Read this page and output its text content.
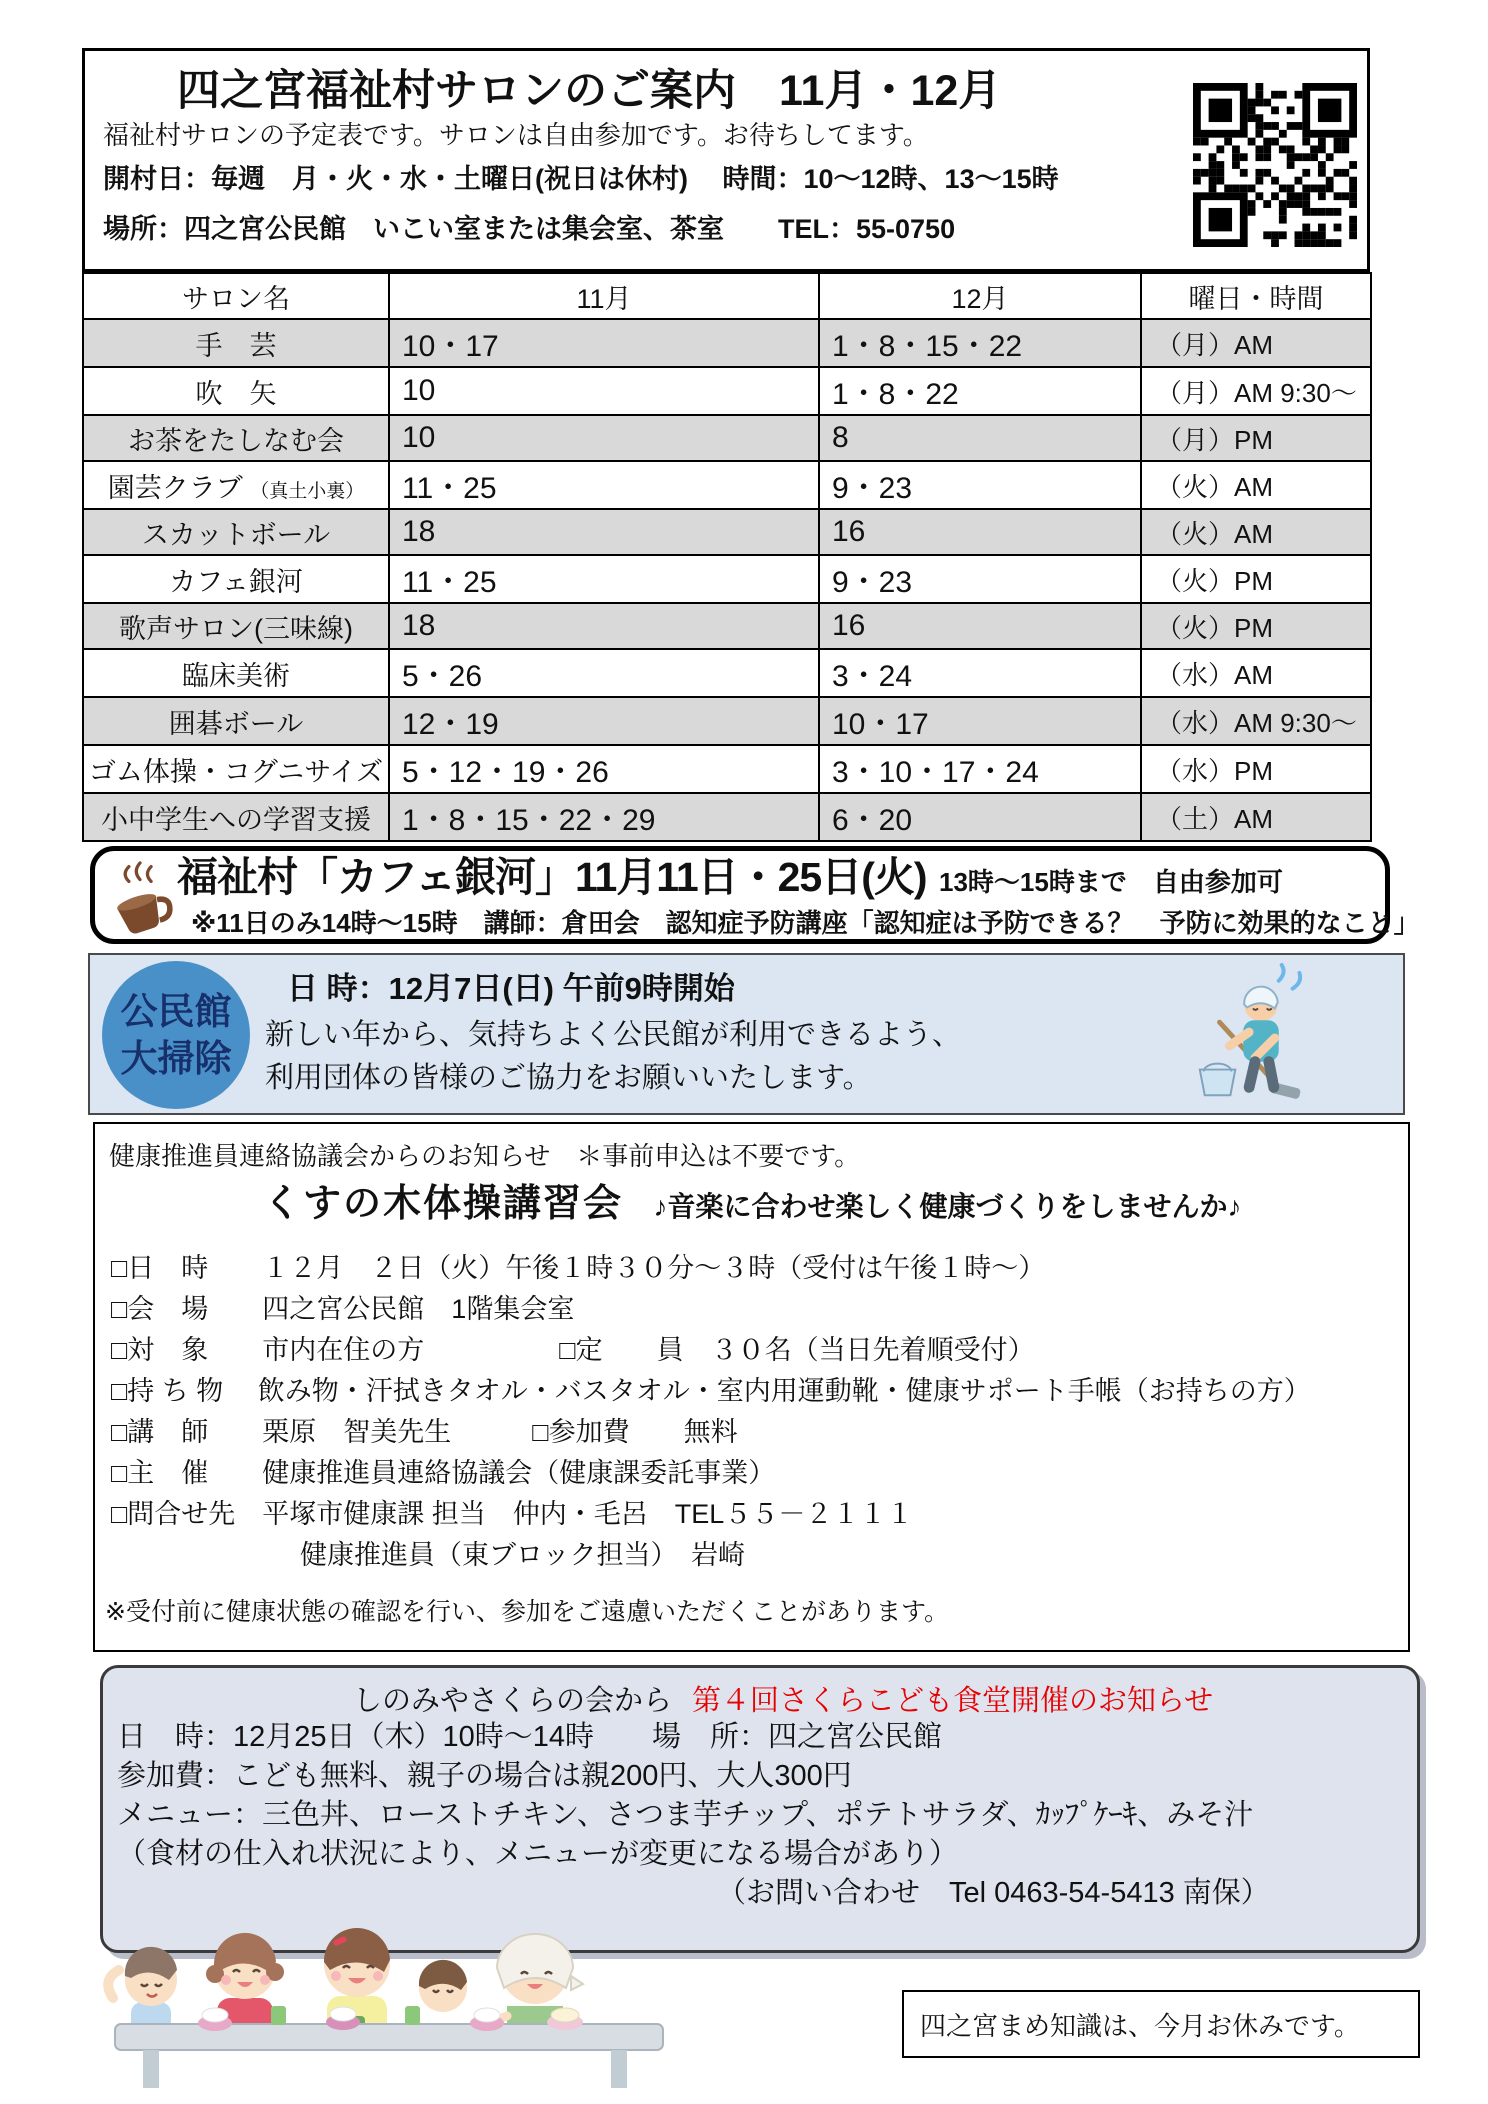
四之宮福祉村サロンのご案内　11月・12月
福祉村サロンの予定表です。サロンは自由参加です。お待ちしてます。
開村日：毎週　月・火・水・土曜日(祝日は休村)　 時間：10～12時、13～15時
場所：四之宮公民館　いこい室または集会室、茶室　　TEL：55-0750
サロン名	11月	12月	曜日・時間
手　芸	10・17	1・8・15・22	（月）AM
吹　矢	10	1・8・22	（月）AM 9:30～
お茶をたしなむ会	10	8	（月）PM
園芸クラブ （真土小裏）	11・25	9・23	（火）AM
スカットボール	18	16	（火）AM
カフェ銀河	11・25	9・23	（火）PM
歌声サロン(三味線)	18	16	（火）PM
臨床美術	5・26	3・24	（水）AM
囲碁ボール	12・19	10・17	（水）AM 9:30～
ゴム体操・コグニサイズ	5・12・19・26	3・10・17・24	（水）PM
小中学生への学習支援	1・8・15・22・29	6・20	（土）AM
福祉村「カフェ銀河」11月11日・25日(火) 13時～15時まで　自由参加可
※11日のみ14時～15時　講師：倉田会　認知症予防講座「認知症は予防できる？　予防に効果的なこと」
公民館
大掃除
日 時：12月7日(日) 午前9時開始
新しい年から、気持ちよく公民館が利用できるよう、
利用団体の皆様のご協力をお願いいたします。
健康推進員連絡協議会からのお知らせ　＊事前申込は不要です。
くすの木体操講習会 ♪音楽に合わせ楽しく健康づくりをしませんか♪
□日　時　　１２月　２日（火）午後１時３０分～３時（受付は午後１時～）
□会　場　　四之宮公民館　1階集会室
□対　象　　市内在住の方　　　　　□定　　員　３０名（当日先着順受付）
□持 ち 物　 飲み物・汗拭きタオル・バスタオル・室内用運動靴・健康サポート手帳（お持ちの方）
□講　師　　栗原　智美先生　　　□参加費　　無料
□主　催　　健康推進員連絡協議会（健康課委託事業）
□問合せ先　平塚市健康課 担当　仲内・毛呂　TEL５５－２１１１
　　　　　　　健康推進員（東ブロック担当）　岩崎
※受付前に健康状態の確認を行い、参加をご遠慮いただくことがあります。
しのみやさくらの会から 第４回さくらこども食堂開催のお知らせ
日　時：12月25日（木）10時～14時　　場　所：四之宮公民館
参加費：こども無料、親子の場合は親200円、大人300円
メニュー：三色丼、ローストチキン、さつま芋チップ、ポテトサラダ、ｶｯﾌﾟｹｰｷ、みそ汁
（食材の仕入れ状況により、メニューが変更になる場合があり）
（お問い合わせ　Tel 0463-54-5413 南保）
四之宮まめ知識は、今月お休みです。
